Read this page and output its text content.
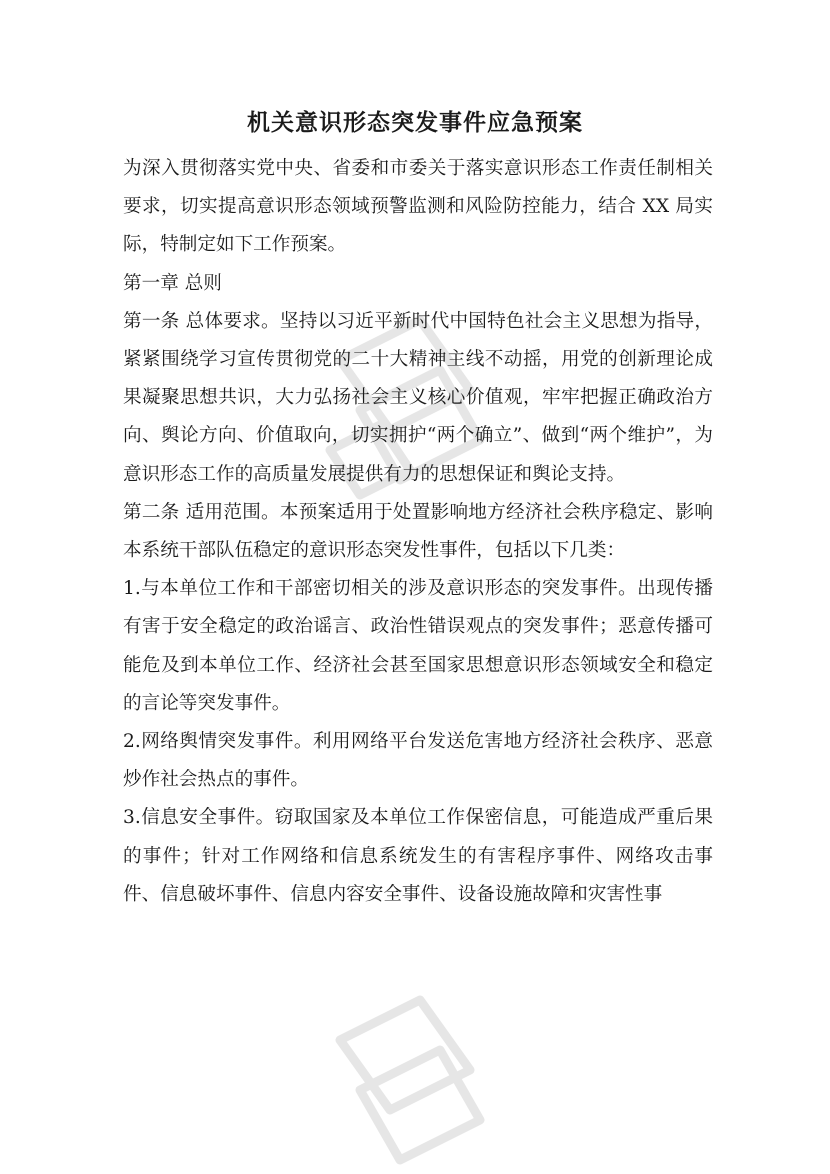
机关意识形态突发事件应急预案

为深入贯彻落实党中央、省委和市委关于落实意识形态工作责任制相关要求，切实提高意识形态领域预警监测和风险防控能力，结合 XX 局实际，特制定如下工作预案。

第一章 总则

第一条 总体要求。坚持以习近平新时代中国特色社会主义思想为指导，紧紧围绕学习宣传贯彻党的二十大精神主线不动摇，用党的创新理论成果凝聚思想共识，大力弘扬社会主义核心价值观，牢牢把握正确政治方向、舆论方向、价值取向，切实拥护“两个确立”、做到“两个维护”，为意识形态工作的高质量发展提供有力的思想保证和舆论支持。

第二条 适用范围。本预案适用于处置影响地方经济社会秩序稳定、影响本系统干部队伍稳定的意识形态突发性事件，包括以下几类：

1.与本单位工作和干部密切相关的涉及意识形态的突发事件。出现传播有害于安全稳定的政治谣言、政治性错误观点的突发事件；恶意传播可能危及到本单位工作、经济社会甚至国家思想意识形态领域安全和稳定的言论等突发事件。

2.网络舆情突发事件。利用网络平台发送危害地方经济社会秩序、恶意炒作社会热点的事件。

3.信息安全事件。窃取国家及本单位工作保密信息，可能造成严重后果的事件；针对工作网络和信息系统发生的有害程序事件、网络攻击事件、信息破坏事件、信息内容安全事件、设备设施故障和灾害性事
